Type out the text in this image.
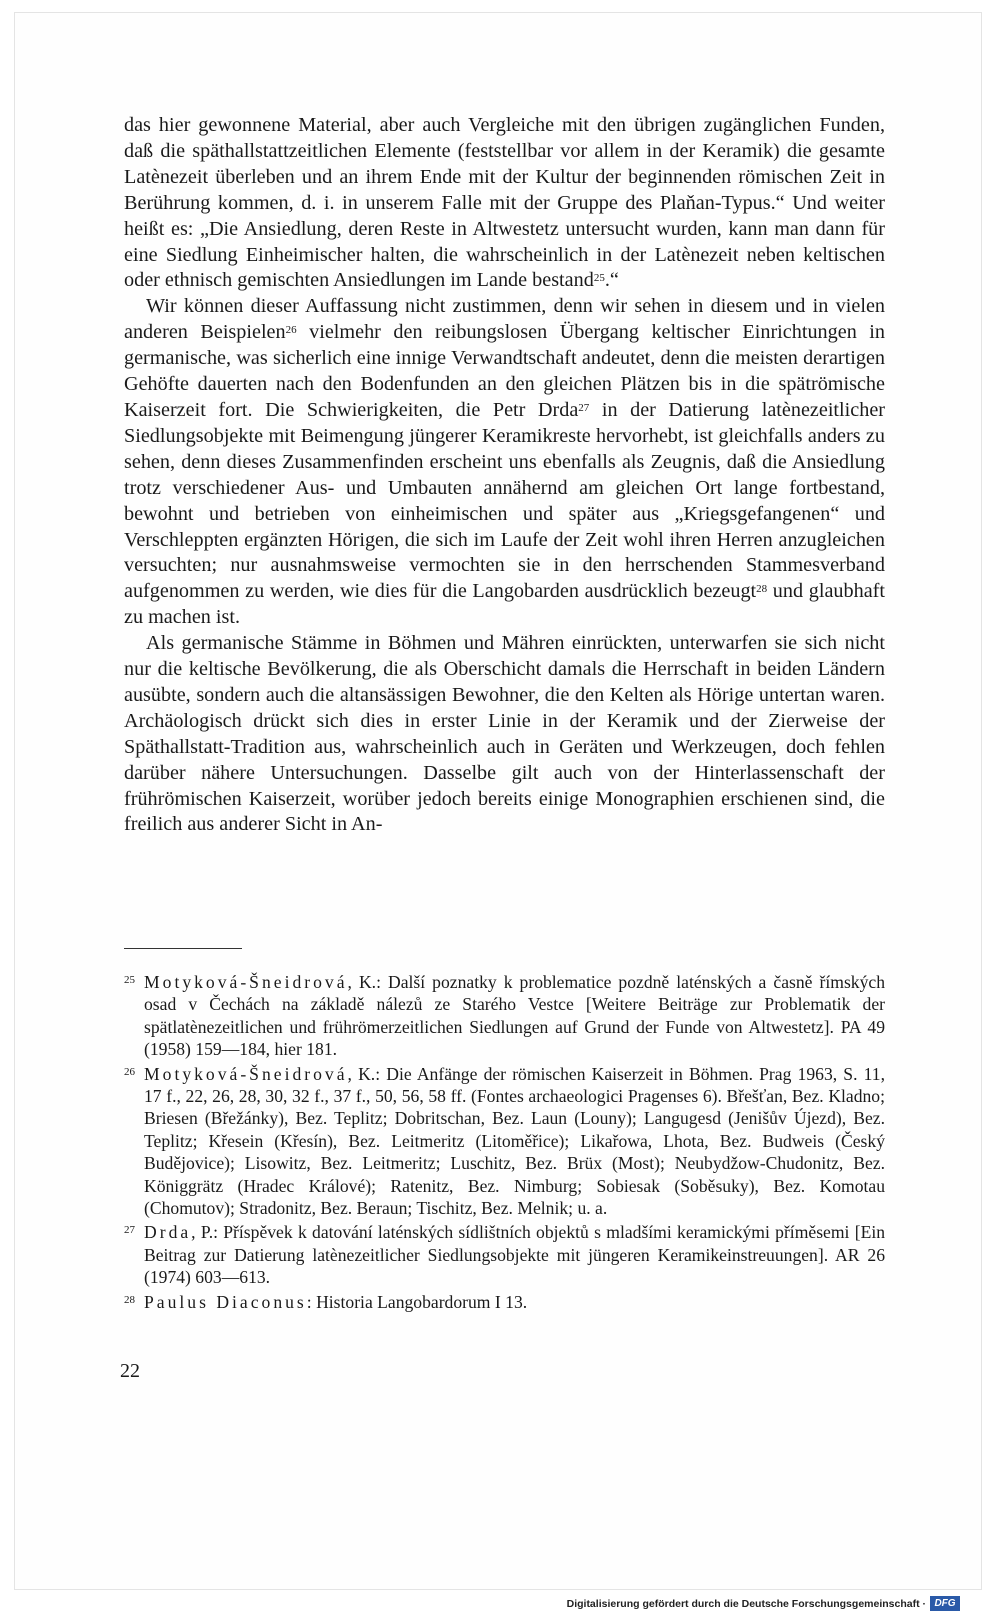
das hier gewonnene Material, aber auch Vergleiche mit den übrigen zugänglichen Funden, daß die späthallstattzeitlichen Elemente (feststellbar vor allem in der Keramik) die gesamte Latènezeit überleben und an ihrem Ende mit der Kultur der beginnenden römischen Zeit in Berührung kommen, d. i. in unserem Falle mit der Gruppe des Plaňan-Typus.“ Und weiter heißt es: „Die Ansiedlung, deren Reste in Altwestetz untersucht wurden, kann man dann für eine Siedlung Einheimischer halten, die wahrscheinlich in der Latènezeit neben keltischen oder ethnisch gemischten Ansiedlungen im Lande bestand$^{25}$.“

Wir können dieser Auffassung nicht zustimmen, denn wir sehen in diesem und in vielen anderen Beispielen$^{26}$ vielmehr den reibungslosen Übergang keltischer Einrichtungen in germanische, was sicherlich eine innige Verwandtschaft andeutet, denn die meisten derartigen Gehöfte dauerten nach den Bodenfunden an den gleichen Plätzen bis in die spätrömische Kaiserzeit fort. Die Schwierigkeiten, die Petr Drda$^{27}$ in der Datierung latènezeitlicher Siedlungsobjekte mit Beimengung jüngerer Keramikreste hervorhebt, ist gleichfalls anders zu sehen, denn dieses Zusammenfinden erscheint uns ebenfalls als Zeugnis, daß die Ansiedlung trotz verschiedener Aus- und Umbauten annähernd am gleichen Ort lange fortbestand, bewohnt und betrieben von einheimischen und später aus „Kriegsgefangenen“ und Verschleppten ergänzten Hörigen, die sich im Laufe der Zeit wohl ihren Herren anzugleichen versuchten; nur ausnahmsweise vermochten sie in den herrschenden Stammesverband aufgenommen zu werden, wie dies für die Langobarden ausdrücklich bezeugt$^{28}$ und glaubhaft zu machen ist.

Als germanische Stämme in Böhmen und Mähren einrückten, unterwarfen sie sich nicht nur die keltische Bevölkerung, die als Oberschicht damals die Herrschaft in beiden Ländern ausübte, sondern auch die altansässigen Bewohner, die den Kelten als Hörige untertan waren. Archäologisch drückt sich dies in erster Linie in der Keramik und der Zierweise der Späthallstatt-Tradition aus, wahrscheinlich auch in Geräten und Werkzeugen, doch fehlen darüber nähere Untersuchungen. Dasselbe gilt auch von der Hinterlassenschaft der frührömischen Kaiserzeit, worüber jedoch bereits einige Monographien erschienen sind, die freilich aus anderer Sicht in An-

25 Motyková-Šneidrová, K.: Další poznatky k problematice pozdně laténských a časně římských osad v Čechách na základě nálezů ze Starého Vestce [Weitere Beiträge zur Problematik der spätlatènezeitlichen und frührömerzeitlichen Siedlungen auf Grund der Funde von Altwestetz]. PA 49 (1958) 159—184, hier 181.
26 Motyková-Šneidrová, K.: Die Anfänge der römischen Kaiserzeit in Böhmen. Prag 1963, S. 11, 17 f., 22, 26, 28, 30, 32 f., 37 f., 50, 56, 58 ff. (Fontes archaeologici Pragenses 6). Břešťan, Bez. Kladno; Briesen (Břežánky), Bez. Teplitz; Dobritschan, Bez. Laun (Louny); Langugesd (Jenišův Újezd), Bez. Teplitz; Křesein (Křesín), Bez. Leitmeritz (Litoměřice); Likařowa, Lhota, Bez. Budweis (Český Budějovice); Lisowitz, Bez. Leitmeritz; Luschitz, Bez. Brüx (Most); Neubydžow-Chudonitz, Bez. Königgrätz (Hradec Králové); Ratenitz, Bez. Nimburg; Sobiesak (Soběsuky), Bez. Komotau (Chomutov); Stradonitz, Bez. Beraun; Tischitz, Bez. Melnik; u. a.
27 Drda, P.: Příspěvek k datování laténských sídlištních objektů s mladšími keramickými příměsemi [Ein Beitrag zur Datierung latènezeitlicher Siedlungsobjekte mit jüngeren Keramikeinstreuungen]. AR 26 (1974) 603—613.
28 Paulus Diaconus: Historia Langobardorum I 13.
22
Digitalisierung gefördert durch die Deutsche Forschungsgemeinschaft · DFG
